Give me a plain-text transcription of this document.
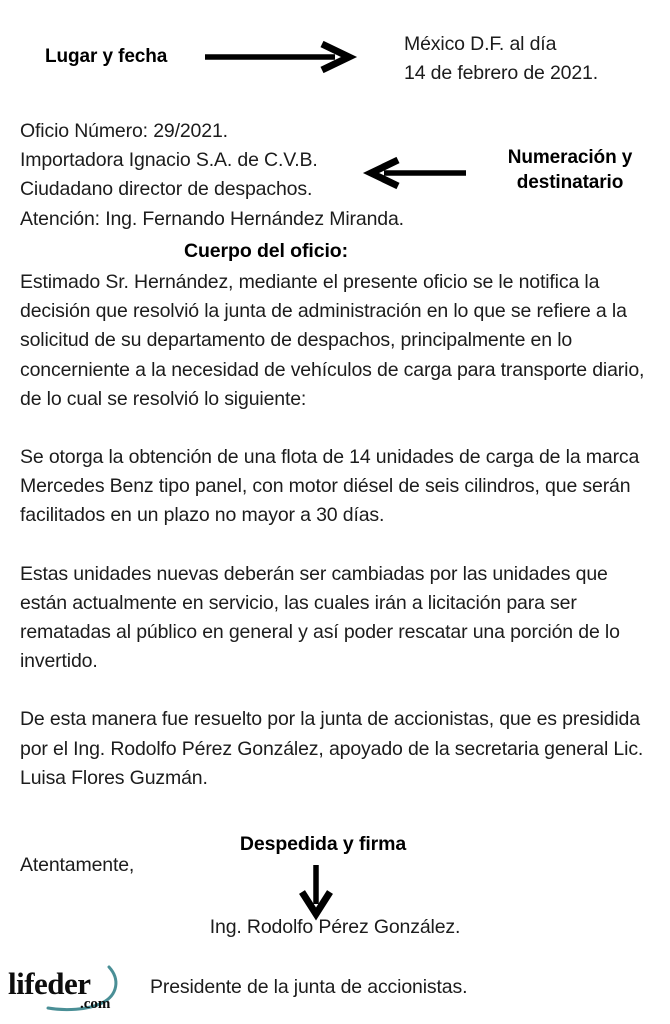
Lugar y fecha
México D.F. al día
14 de febrero de 2021.
Oficio Número: 29/2021.
Importadora Ignacio S.A. de C.V.B.
Ciudadano director de despachos.
Atención: Ing. Fernando Hernández Miranda.
Numeración y
destinatario
Cuerpo del oficio:

Estimado Sr. Hernández, mediante el presente oficio se le notifica la decisión que resolvió la junta de administración en lo que se refiere a la solicitud de su departamento de despachos, principalmente en lo concerniente a la necesidad de vehículos de carga para transporte diario, de lo cual se resolvió lo siguiente:

Se otorga la obtención de una flota de 14 unidades de carga de la marca Mercedes Benz tipo panel, con motor diésel de seis cilindros, que serán facilitados en un plazo no mayor a 30 días.

Estas unidades nuevas deberán ser cambiadas por las unidades que están actualmente en servicio, las cuales irán a licitación para ser rematadas al público en general y así poder rescatar una porción de lo invertido.

De esta manera fue resuelto por la junta de accionistas, que es presidida por el Ing. Rodolfo Pérez González, apoyado de la secretaria general Lic. Luisa Flores Guzmán.

Despedida y firma
Atentamente,
Ing. Rodolfo Pérez González.
Presidente de la junta de accionistas.
lifeder
.com
